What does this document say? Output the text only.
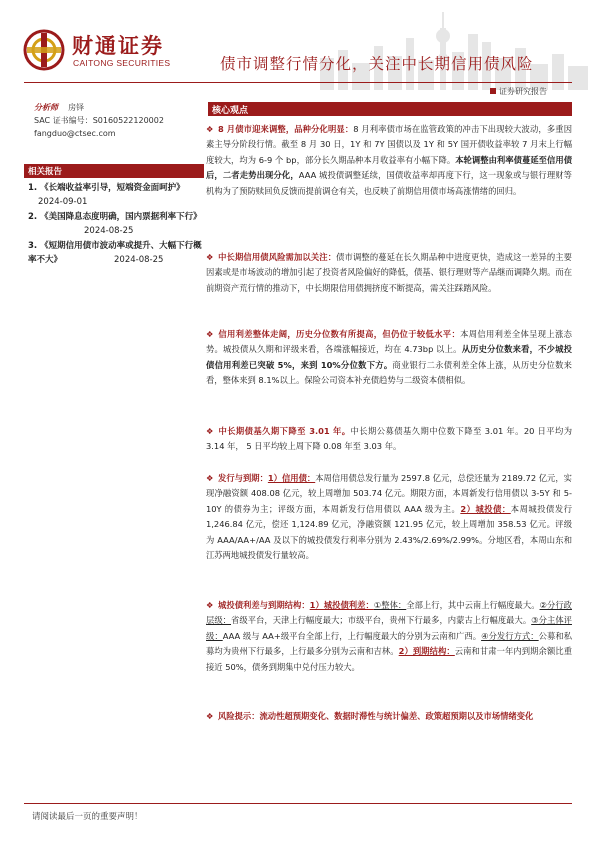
财通证券
CAITONG SECURITIES	债市调整行情分化，关注中长期信用债风险
证券研究报告
分析师 房铎
SAC 证书编号：S0160522120002
fangduo@ctsec.com
相关报告
1. 《长端收益率引导，短端资金面呵护》
2024-09-01
2. 《美国降息态度明确，国内票据利率下行》
2024-08-25
3. 《短期信用债市波动率或提升、大幅下行概率不大》	2024-08-25
核心观点
❖ 8 月债市迎来调整，品种分化明显：8 月利率债市场在监管政策的冲击下出现较大波动，多重因素主导分阶段行情。截至 8 月 30 日，1Y 和 7Y 国债以及 1Y 和 5Y 国开债收益率较 7 月末上行幅度较大，均为 6-9 个 bp，部分长久期品种本月收益率有小幅下降。本轮调整由利率债蔓延至信用债后，二者走势出现分化，AAA 城投债调整延续，国债收益率却再度下行，这一现象或与银行理财等机构为了预防赎回负反馈而提前调仓有关，也反映了前期信用债市场高涨情绪的回归。
❖ 中长期信用债风险需加以关注：债市调整的蔓延在长久期品种中进度更快，造成这一差异的主要因素或是市场波动的增加引起了投资者风险偏好的降低，债基、银行理财等产品继而调降久期。而在前期资产荒行情的推动下，中长期限信用债拥挤度不断提高，需关注踩踏风险。
❖ 信用利差整体走阔，历史分位数有所提高，但仍位于较低水平：本周信用利差全体呈现上涨态势。城投债从久期和评级来看，各端涨幅接近，均在 4.73bp 以上。从历史分位数来看，不少城投债信用利差已突破 5%，来到 10%分位数下方。商业银行二永债利差全体上涨，从历史分位数来看，整体来到 8.1%以上。保险公司资本补充债趋势与二级资本债相似。
❖ 中长期债基久期下降至 3.01 年。中长期公募债基久期中位数下降至 3.01 年。20 日平均为 3.14 年， 5 日平均较上周下降 0.08 年至 3.03 年。
❖ 发行与到期：1）信用债：本周信用债总发行量为 2597.8 亿元，总偿还量为 2189.72 亿元，实现净融资额 408.08 亿元，较上周增加 503.74 亿元。期限方面，本周新发行信用债以 3-5Y 和 5-10Y 的债券为主；评级方面，本周新发行信用债以 AAA 级为主。2）城投债：本周城投债发行 1,246.84 亿元，偿还 1,124.89 亿元，净融资额 121.95 亿元，较上周增加 358.53 亿元。评级为 AAA/AA+/AA 及以下的城投债发行利率分别为 2.43%/2.69%/2.99%。分地区看，本周山东和江苏两地城投债发行量较高。
❖ 城投债利差与到期结构：1）城投债利差：①整体：全部上行，其中云南上行幅度最大。②分行政层级：省级平台，天津上行幅度最大；市级平台，贵州下行最多，内蒙古上行幅度最大。③分主体评级：AAA 级与 AA+级平台全部上行，上行幅度最大的分别为云南和广西。④分发行方式：公募和私募均为贵州下行最多，上行最多分别为云南和吉林。2）到期结构：云南和甘肃一年内到期余额比重接近 50%，债务到期集中兑付压力较大。
❖ 风险提示：流动性超预期变化、数据时滞性与统计偏差、政策超预期以及市场情绪变化
请阅读最后一页的重要声明！
